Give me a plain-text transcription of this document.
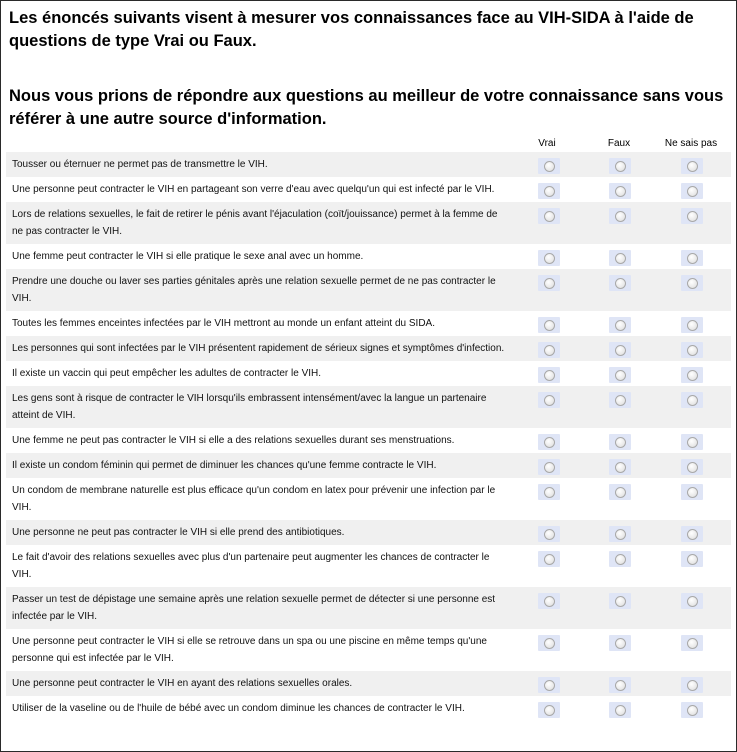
Les énoncés suivants visent à mesurer vos connaissances face au VIH-SIDA à l'aide de questions de type Vrai ou Faux.
Nous vous prions de répondre aux questions au meilleur de votre connaissance sans vous référer à une autre source d'information.
Vrai	Faux	Ne sais pas
Tousser ou éternuer ne permet pas de transmettre le VIH.
Une personne peut contracter le VIH en partageant son verre d'eau avec quelqu'un qui est infecté par le VIH.
Lors de relations sexuelles, le fait de retirer le pénis avant l'éjaculation (coït/jouissance) permet à la femme de ne pas contracter le VIH.
Une femme peut contracter le VIH si elle pratique le sexe anal avec un homme.
Prendre une douche ou laver ses parties génitales après une relation sexuelle permet de ne pas contracter le VIH.
Toutes les femmes enceintes infectées par le VIH mettront au monde un enfant atteint du SIDA.
Les personnes qui sont infectées par le VIH présentent rapidement de sérieux signes et symptômes d'infection.
Il existe un vaccin qui peut empêcher les adultes de contracter le VIH.
Les gens sont à risque de contracter le VIH lorsqu'ils embrassent intensément/avec la langue un partenaire atteint de VIH.
Une femme ne peut pas contracter le VIH si elle a des relations sexuelles durant ses menstruations.
Il existe un condom féminin qui permet de diminuer les chances qu'une femme contracte le VIH.
Un condom de membrane naturelle est plus efficace qu'un condom en latex pour prévenir une infection par le VIH.
Une personne ne peut pas contracter le VIH si elle prend des antibiotiques.
Le fait d'avoir des relations sexuelles avec plus d'un partenaire peut augmenter les chances de contracter le VIH.
Passer un test de dépistage une semaine après une relation sexuelle permet de détecter si une personne est infectée par le VIH.
Une personne peut contracter le VIH si elle se retrouve dans un spa ou une piscine en même temps qu'une personne qui est infectée par le VIH.
Une personne peut contracter le VIH en ayant des relations sexuelles orales.
Utiliser de la vaseline ou de l'huile de bébé avec un condom diminue les chances de contracter le VIH.
